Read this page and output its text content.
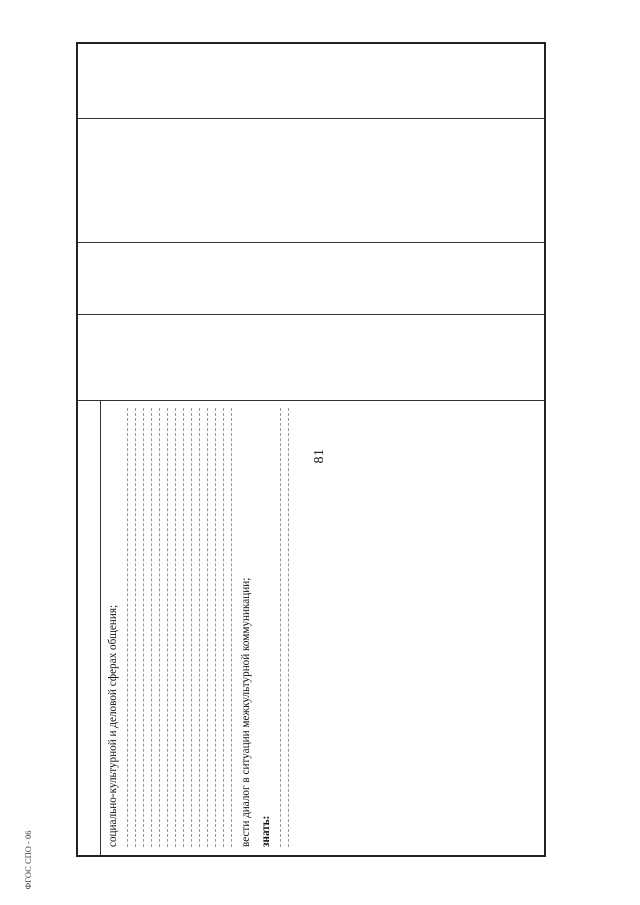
социально-культурной и деловой сферах общения;	вести диалог в ситуации межкультурной коммуникации; знать:
81
ФГОС СПО - 06
